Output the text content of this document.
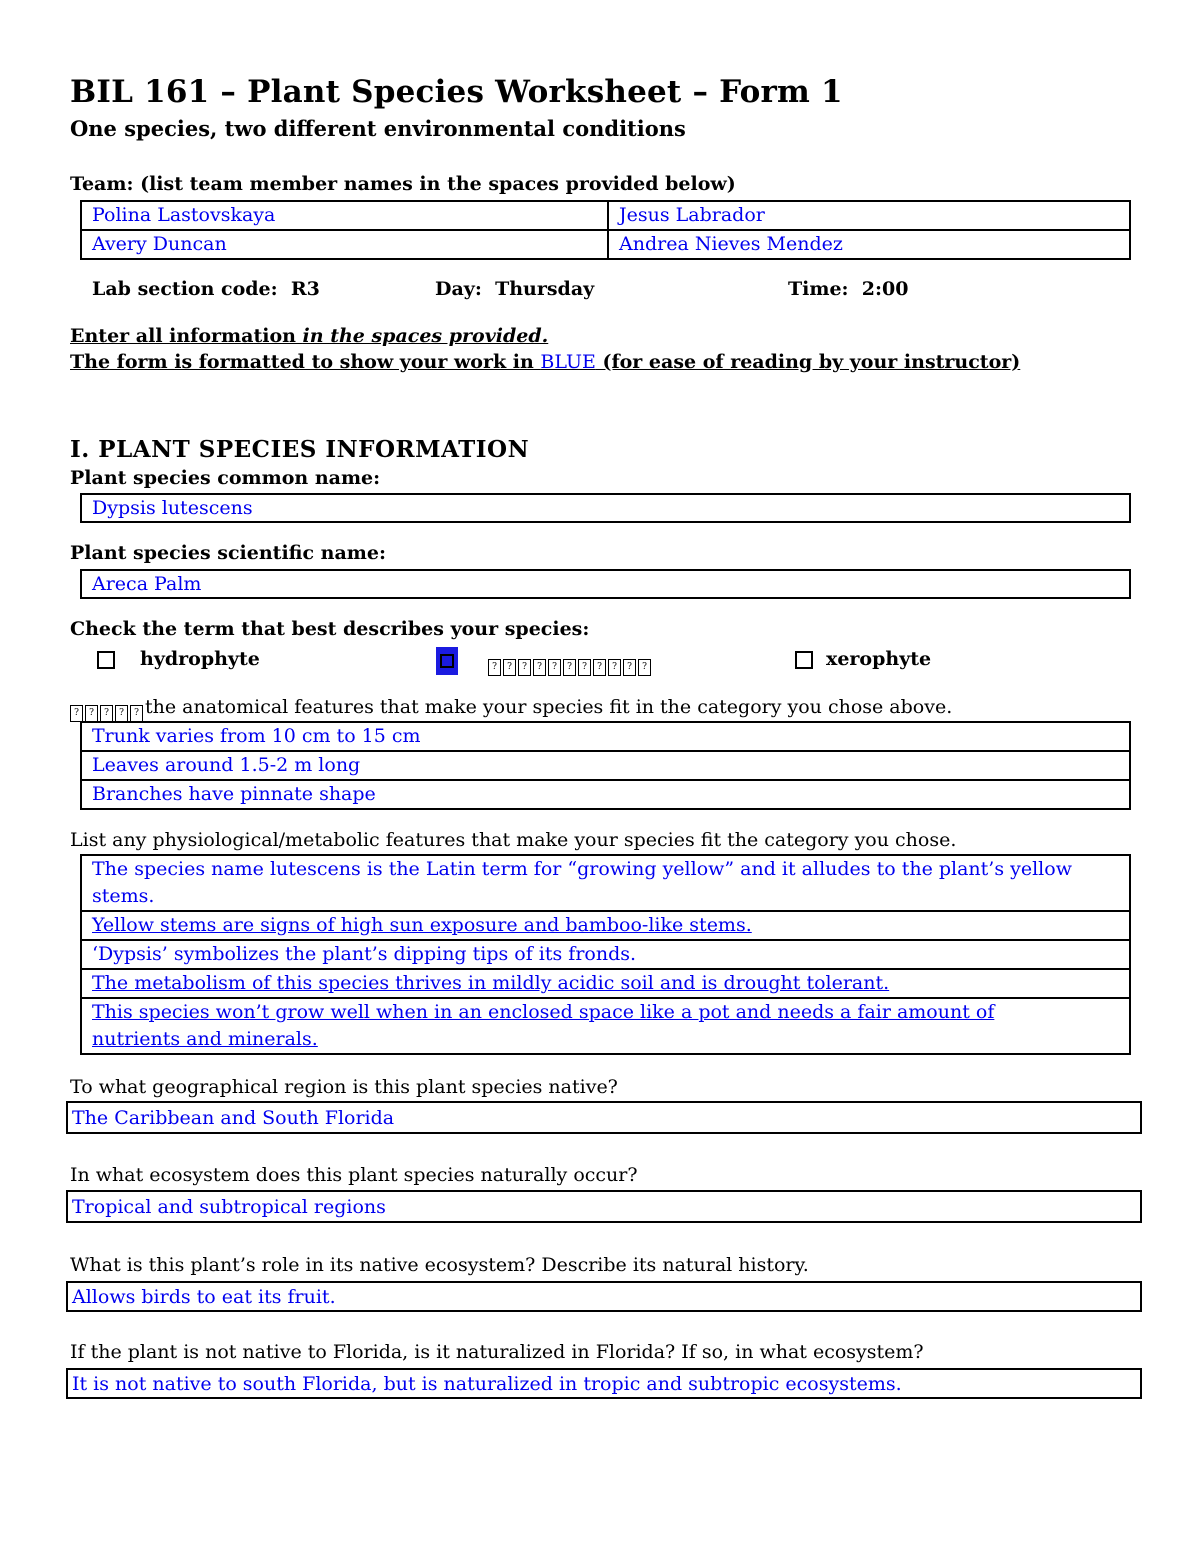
BIL 161 – Plant Species Worksheet – Form 1
One species, two different environmental conditions
Team: (list team member names in the spaces provided below)
Polina Lastovskaya	Jesus Labrador
Avery Duncan	Andrea Nieves Mendez
Lab section code: R3	Day: Thursday	Time: 2:00
Enter all information in the spaces provided.
The form is formatted to show your work in BLUE (for ease of reading by your instructor)
I. PLANT SPECIES INFORMATION
Plant species common name:
Dypsis lutescens
Plant species scientific name:
Areca Palm
Check the term that best describes your species:
hydrophyte	? ? ? ? ? ? ? ? ? ? ?	xerophyte
? ? ? ? ? the anatomical features that make your species fit in the category you chose above.
Trunk varies from 10 cm to 15 cm
Leaves around 1.5-2 m long
Branches have pinnate shape
List any physiological/metabolic features that make your species fit the category you chose.
The species name lutescens is the Latin term for “growing yellow” and it alludes to the plant’s yellow stems.
Yellow stems are signs of high sun exposure and bamboo-like stems.
‘Dypsis’ symbolizes the plant’s dipping tips of its fronds.
The metabolism of this species thrives in mildly acidic soil and is drought tolerant.
This species won’t grow well when in an enclosed space like a pot and needs a fair amount of nutrients and minerals.
To what geographical region is this plant species native?
The Caribbean and South Florida
In what ecosystem does this plant species naturally occur?
Tropical and subtropical regions
What is this plant’s role in its native ecosystem? Describe its natural history.
Allows birds to eat its fruit.
If the plant is not native to Florida, is it naturalized in Florida? If so, in what ecosystem?
It is not native to south Florida, but is naturalized in tropic and subtropic ecosystems.
